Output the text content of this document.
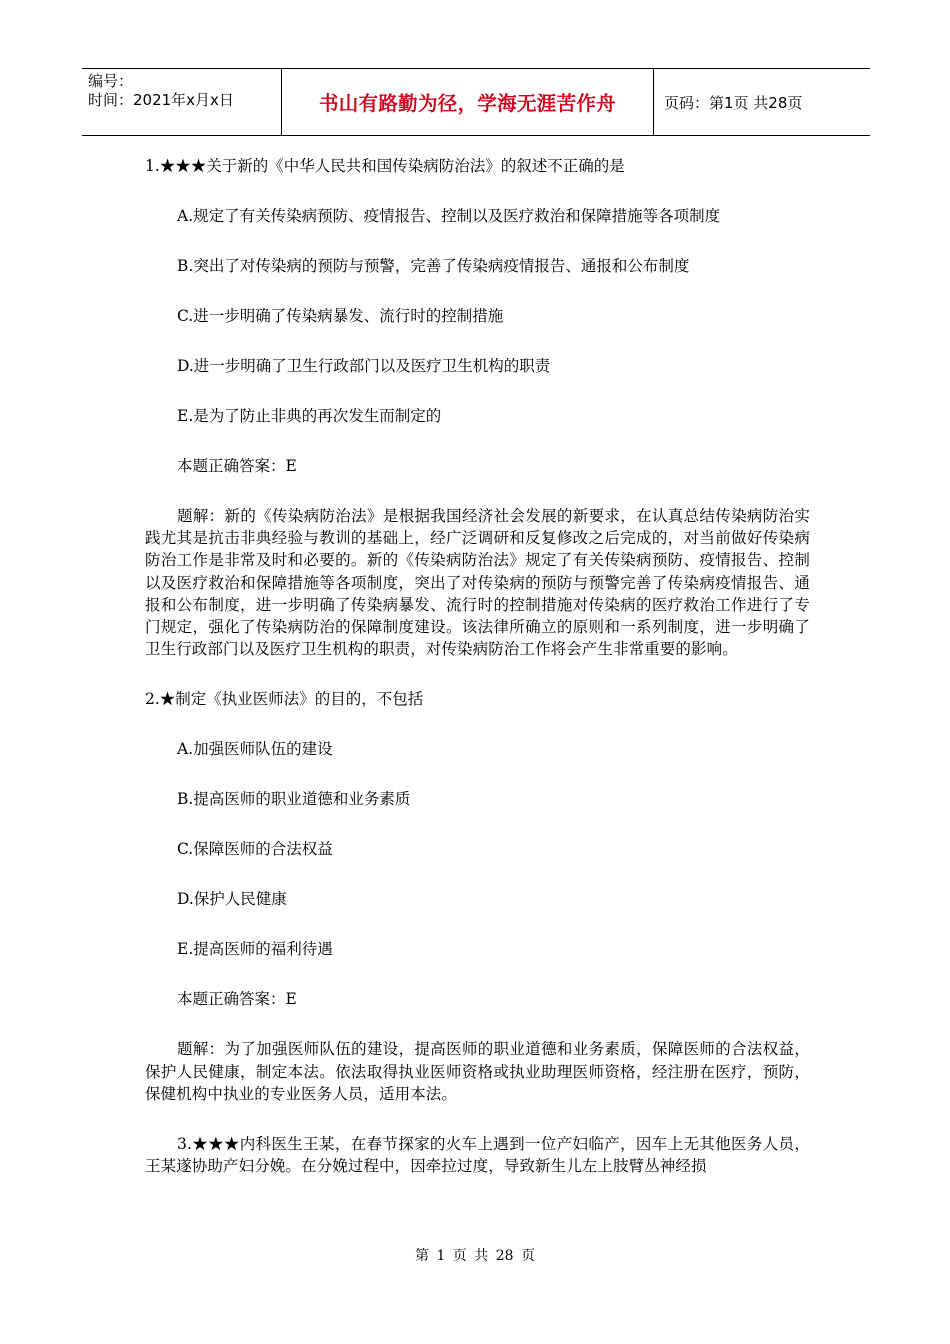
编号：
时间：2021年x月x日	书山有路勤为径，学海无涯苦作舟	页码：第1页 共28页
1.★★★关于新的《中华人民共和国传染病防治法》的叙述不正确的是
A.规定了有关传染病预防、疫情报告、控制以及医疗救治和保障措施等各项制度
B.突出了对传染病的预防与预警，完善了传染病疫情报告、通报和公布制度
C.进一步明确了传染病暴发、流行时的控制措施
D.进一步明确了卫生行政部门以及医疗卫生机构的职责
E.是为了防止非典的再次发生而制定的
本题正确答案：E
题解：新的《传染病防治法》是根据我国经济社会发展的新要求，在认真总结传染病防治实践尤其是抗击非典经验与教训的基础上，经广泛调研和反复修改之后完成的，对当前做好传染病防治工作是非常及时和必要的。新的《传染病防治法》规定了有关传染病预防、疫情报告、控制以及医疗救治和保障措施等各项制度，突出了对传染病的预防与预警完善了传染病疫情报告、通报和公布制度，进一步明确了传染病暴发、流行时的控制措施对传染病的医疗救治工作进行了专门规定，强化了传染病防治的保障制度建设。该法律所确立的原则和一系列制度，进一步明确了卫生行政部门以及医疗卫生机构的职责，对传染病防治工作将会产生非常重要的影响。
2.★制定《执业医师法》的目的，不包括
A.加强医师队伍的建设
B.提高医师的职业道德和业务素质
C.保障医师的合法权益
D.保护人民健康
E.提高医师的福利待遇
本题正确答案：E
题解：为了加强医师队伍的建设，提高医师的职业道德和业务素质，保障医师的合法权益，保护人民健康，制定本法。依法取得执业医师资格或执业助理医师资格，经注册在医疗，预防，保健机构中执业的专业医务人员，适用本法。
3.★★★内科医生王某，在春节探家的火车上遇到一位产妇临产，因车上无其他医务人员，王某遂协助产妇分娩。在分娩过程中，因牵拉过度，导致新生儿左上肢臂丛神经损
第 1 页 共 28 页
